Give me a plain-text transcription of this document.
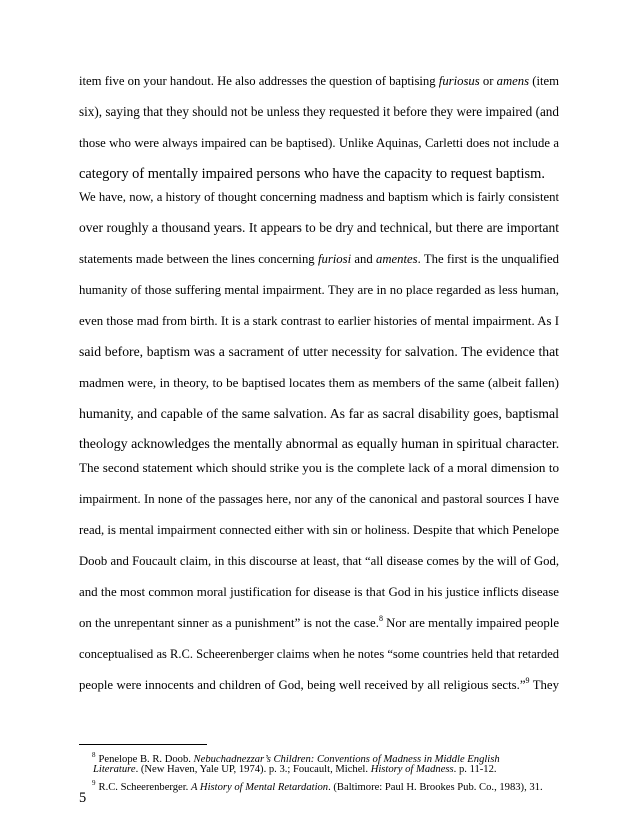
item five on your handout. He also addresses the question of baptising furiosus or amens (item
six), saying that they should not be unless they requested it before they were impaired (and
those who were always impaired can be baptised). Unlike Aquinas, Carletti does not include a
category of mentally impaired persons who have the capacity to request baptism.
We have, now, a history of thought concerning madness and baptism which is fairly consistent
over roughly a thousand years. It appears to be dry and technical, but there are important
statements made between the lines concerning furiosi and amentes. The first is the unqualified
humanity of those suffering mental impairment. They are in no place regarded as less human,
even those mad from birth. It is a stark contrast to earlier histories of mental impairment. As I
said before, baptism was a sacrament of utter necessity for salvation. The evidence that
madmen were, in theory, to be baptised locates them as members of the same (albeit fallen)
humanity, and capable of the same salvation. As far as sacral disability goes, baptismal
theology acknowledges the mentally abnormal as equally human in spiritual character.
The second statement which should strike you is the complete lack of a moral dimension to
impairment. In none of the passages here, nor any of the canonical and pastoral sources I have
read, is mental impairment connected either with sin or holiness. Despite that which Penelope
Doob and Foucault claim, in this discourse at least, that “all disease comes by the will of God,
and the most common moral justification for disease is that God in his justice inflicts disease
on the unrepentant sinner as a punishment” is not the case.$^8$ Nor are mentally impaired people
conceptualised as R.C. Scheerenberger claims when he notes “some countries held that retarded
people were innocents and children of God, being well received by all religious sects.”$^9$ They
$^8$ Penelope B. R. Doob. Nebuchadnezzar’s Children: Conventions of Madness in Middle English
Literature. (New Haven, Yale UP, 1974). p. 3.; Foucault, Michel. History of Madness. p. 11-12.
$^9$ R.C. Scheerenberger. A History of Mental Retardation. (Baltimore: Paul H. Brookes Pub. Co., 1983), 31.
5
